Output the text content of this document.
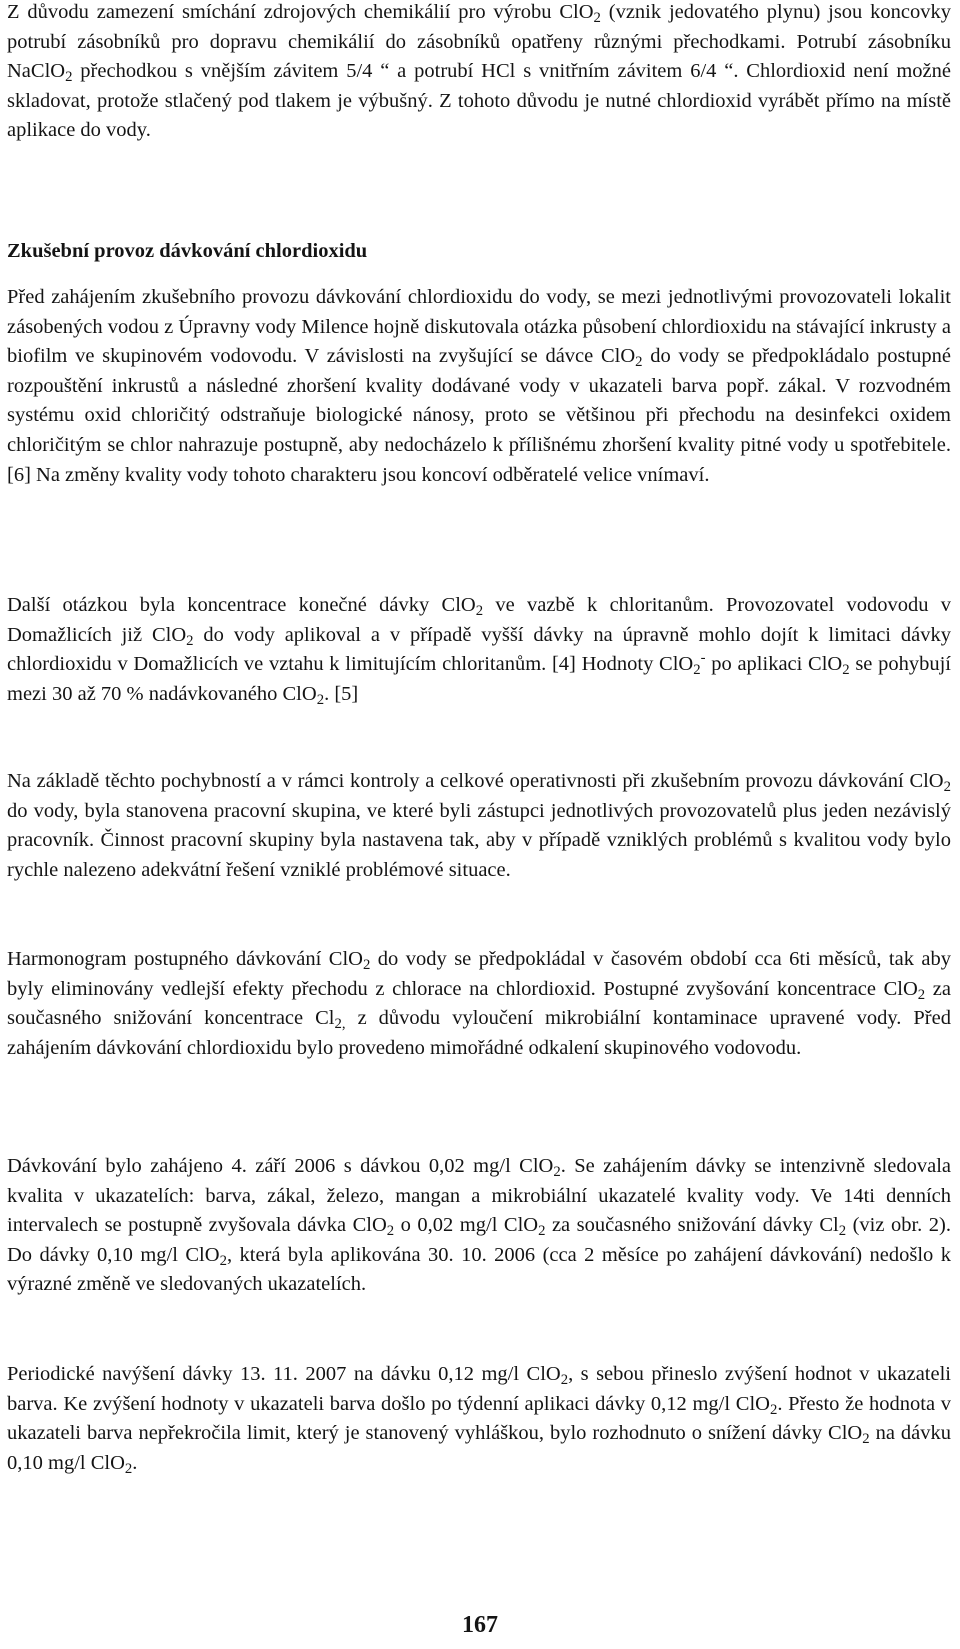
Z důvodu zamezení smíchání zdrojových chemikálií pro výrobu ClO$_2$ (vznik jedovatého plynu) jsou koncovky potrubí zásobníků pro dopravu chemikálií do zásobníků opatřeny různými přechodkami. Potrubí zásobníku NaClO$_2$ přechodkou s vnějším závitem 5/4 “ a potrubí HCl s vnitřním závitem 6/4 “. Chlordioxid není možné skladovat, protože stlačený pod tlakem je výbušný. Z tohoto důvodu je nutné chlordioxid vyrábět přímo na místě aplikace do vody.

Zkušební provoz dávkování chlordioxidu

Před zahájením zkušebního provozu dávkování chlordioxidu do vody, se mezi jednotlivými provozovateli lokalit zásobených vodou z Úpravny vody Milence hojně diskutovala otázka působení chlordioxidu na stávající inkrusty a biofilm ve skupinovém vodovodu. V závislosti na zvyšující se dávce ClO$_2$ do vody se předpokládalo postupné rozpouštění inkrustů a následné zhoršení kvality dodávané vody v ukazateli barva popř. zákal. V rozvodném systému oxid chloričitý odstraňuje biologické nánosy, proto se většinou při přechodu na desinfekci oxidem chloričitým se chlor nahrazuje postupně, aby nedocházelo k přílišnému zhoršení kvality pitné vody u spotřebitele.[6] Na změny kvality vody tohoto charakteru jsou koncoví odběratelé velice vnímaví.

Další otázkou byla koncentrace konečné dávky ClO$_2$ ve vazbě k chloritanům. Provozovatel vodovodu v Domažlicích již ClO$_2$ do vody aplikoval a v případě vyšší dávky na úpravně mohlo dojít k limitaci dávky chlordioxidu v Domažlicích ve vztahu k limitujícím chloritanům. [4] Hodnoty ClO$_2$- po aplikaci ClO$_2$ se pohybují mezi 30 až 70 % nadávkovaného ClO$_2$. [5]

Na základě těchto pochybností a v rámci kontroly a celkové operativnosti při zkušebním provozu dávkování ClO$_2$ do vody, byla stanovena pracovní skupina, ve které byli zástupci jednotlivých provozovatelů plus jeden nezávislý pracovník. Činnost pracovní skupiny byla nastavena tak, aby v případě vzniklých problémů s kvalitou vody bylo rychle nalezeno adekvátní řešení vzniklé problémové situace.

Harmonogram postupného dávkování ClO$_2$ do vody se předpokládal v časovém období cca 6ti měsíců, tak aby byly eliminovány vedlejší efekty přechodu z chlorace na chlordioxid. Postupné zvyšování koncentrace ClO$_2$ za současného snižování koncentrace $Cl_{2,}$ z důvodu vyloučení mikrobiální kontaminace upravené vody. Před zahájením dávkování chlordioxidu bylo provedeno mimořádné odkalení skupinového vodovodu.

Dávkování bylo zahájeno 4. září 2006 s dávkou 0,02 mg/l ClO$_2$. Se zahájením dávky se intenzivně sledovala kvalita v ukazatelích: barva, zákal, železo, mangan a mikrobiální ukazatelé kvality vody. Ve 14ti denních intervalech se postupně zvyšovala dávka ClO$_2$ o 0,02 mg/l ClO$_2$ za současného snižování dávky $Cl_2$ (viz obr. 2). Do dávky 0,10 mg/l ClO$_2$, která byla aplikována 30. 10. 2006 (cca 2 měsíce po zahájení dávkování) nedošlo k výrazné změně ve sledovaných ukazatelích.

Periodické navýšení dávky 13. 11. 2007 na dávku 0,12 mg/l ClO$_2$, s sebou přineslo zvýšení hodnot v ukazateli barva. Ke zvýšení hodnoty v ukazateli barva došlo po týdenní aplikaci dávky 0,12 mg/l ClO$_2$. Přesto že hodnota v ukazateli barva nepřekročila limit, který je stanovený vyhláškou, bylo rozhodnuto o snížení dávky ClO$_2$ na dávku 0,10 mg/l ClO$_2$.

167
